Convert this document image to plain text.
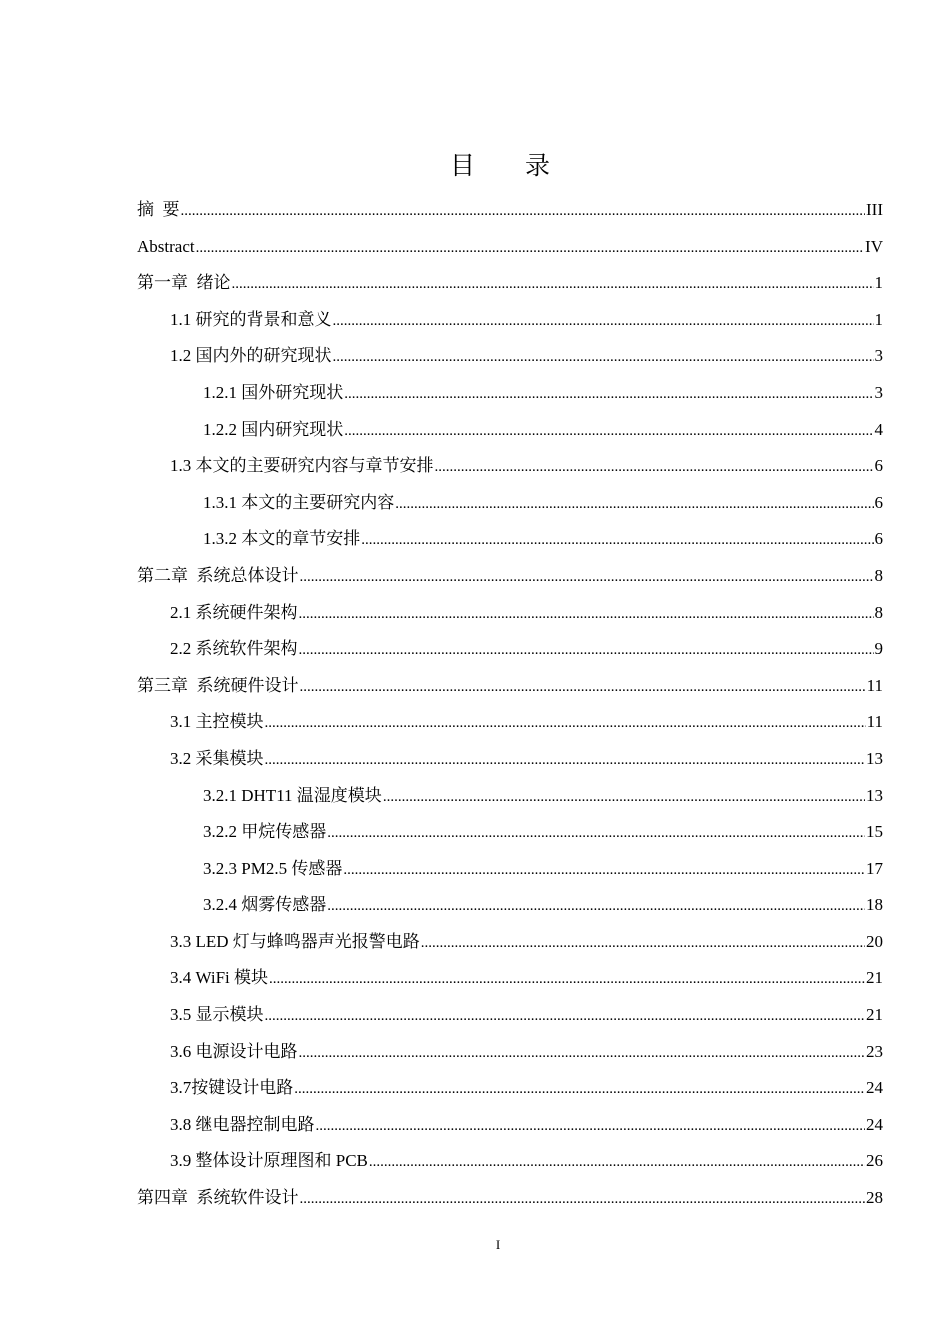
目　　录
摘  要 .....	III
Abstract .....	IV
第一章  绪论 .....	1
1.1 研究的背景和意义 .....	1
1.2 国内外的研究现状 .....	3
1.2.1 国外研究现状 .....	3
1.2.2 国内研究现状 .....	4
1.3 本文的主要研究内容与章节安排 .....	6
1.3.1 本文的主要研究内容 .....	6
1.3.2 本文的章节安排 .....	6
第二章  系统总体设计 .....	8
2.1 系统硬件架构 .....	8
2.2 系统软件架构 .....	9
第三章  系统硬件设计 .....	11
3.1 主控模块 .....	11
3.2 采集模块 .....	13
3.2.1 DHT11 温湿度模块 .....	13
3.2.2 甲烷传感器 .....	15
3.2.3 PM2.5 传感器 .....	17
3.2.4 烟雾传感器 .....	18
3.3 LED 灯与蜂鸣器声光报警电路 .....	20
3.4 WiFi 模块 .....	21
3.5 显示模块 .....	21
3.6 电源设计电路 .....	23
3.7 按键设计电路 .....	24
3.8 继电器控制电路 .....	24
3.9 整体设计原理图和 PCB .....	26
第四章  系统软件设计 .....	28
I
